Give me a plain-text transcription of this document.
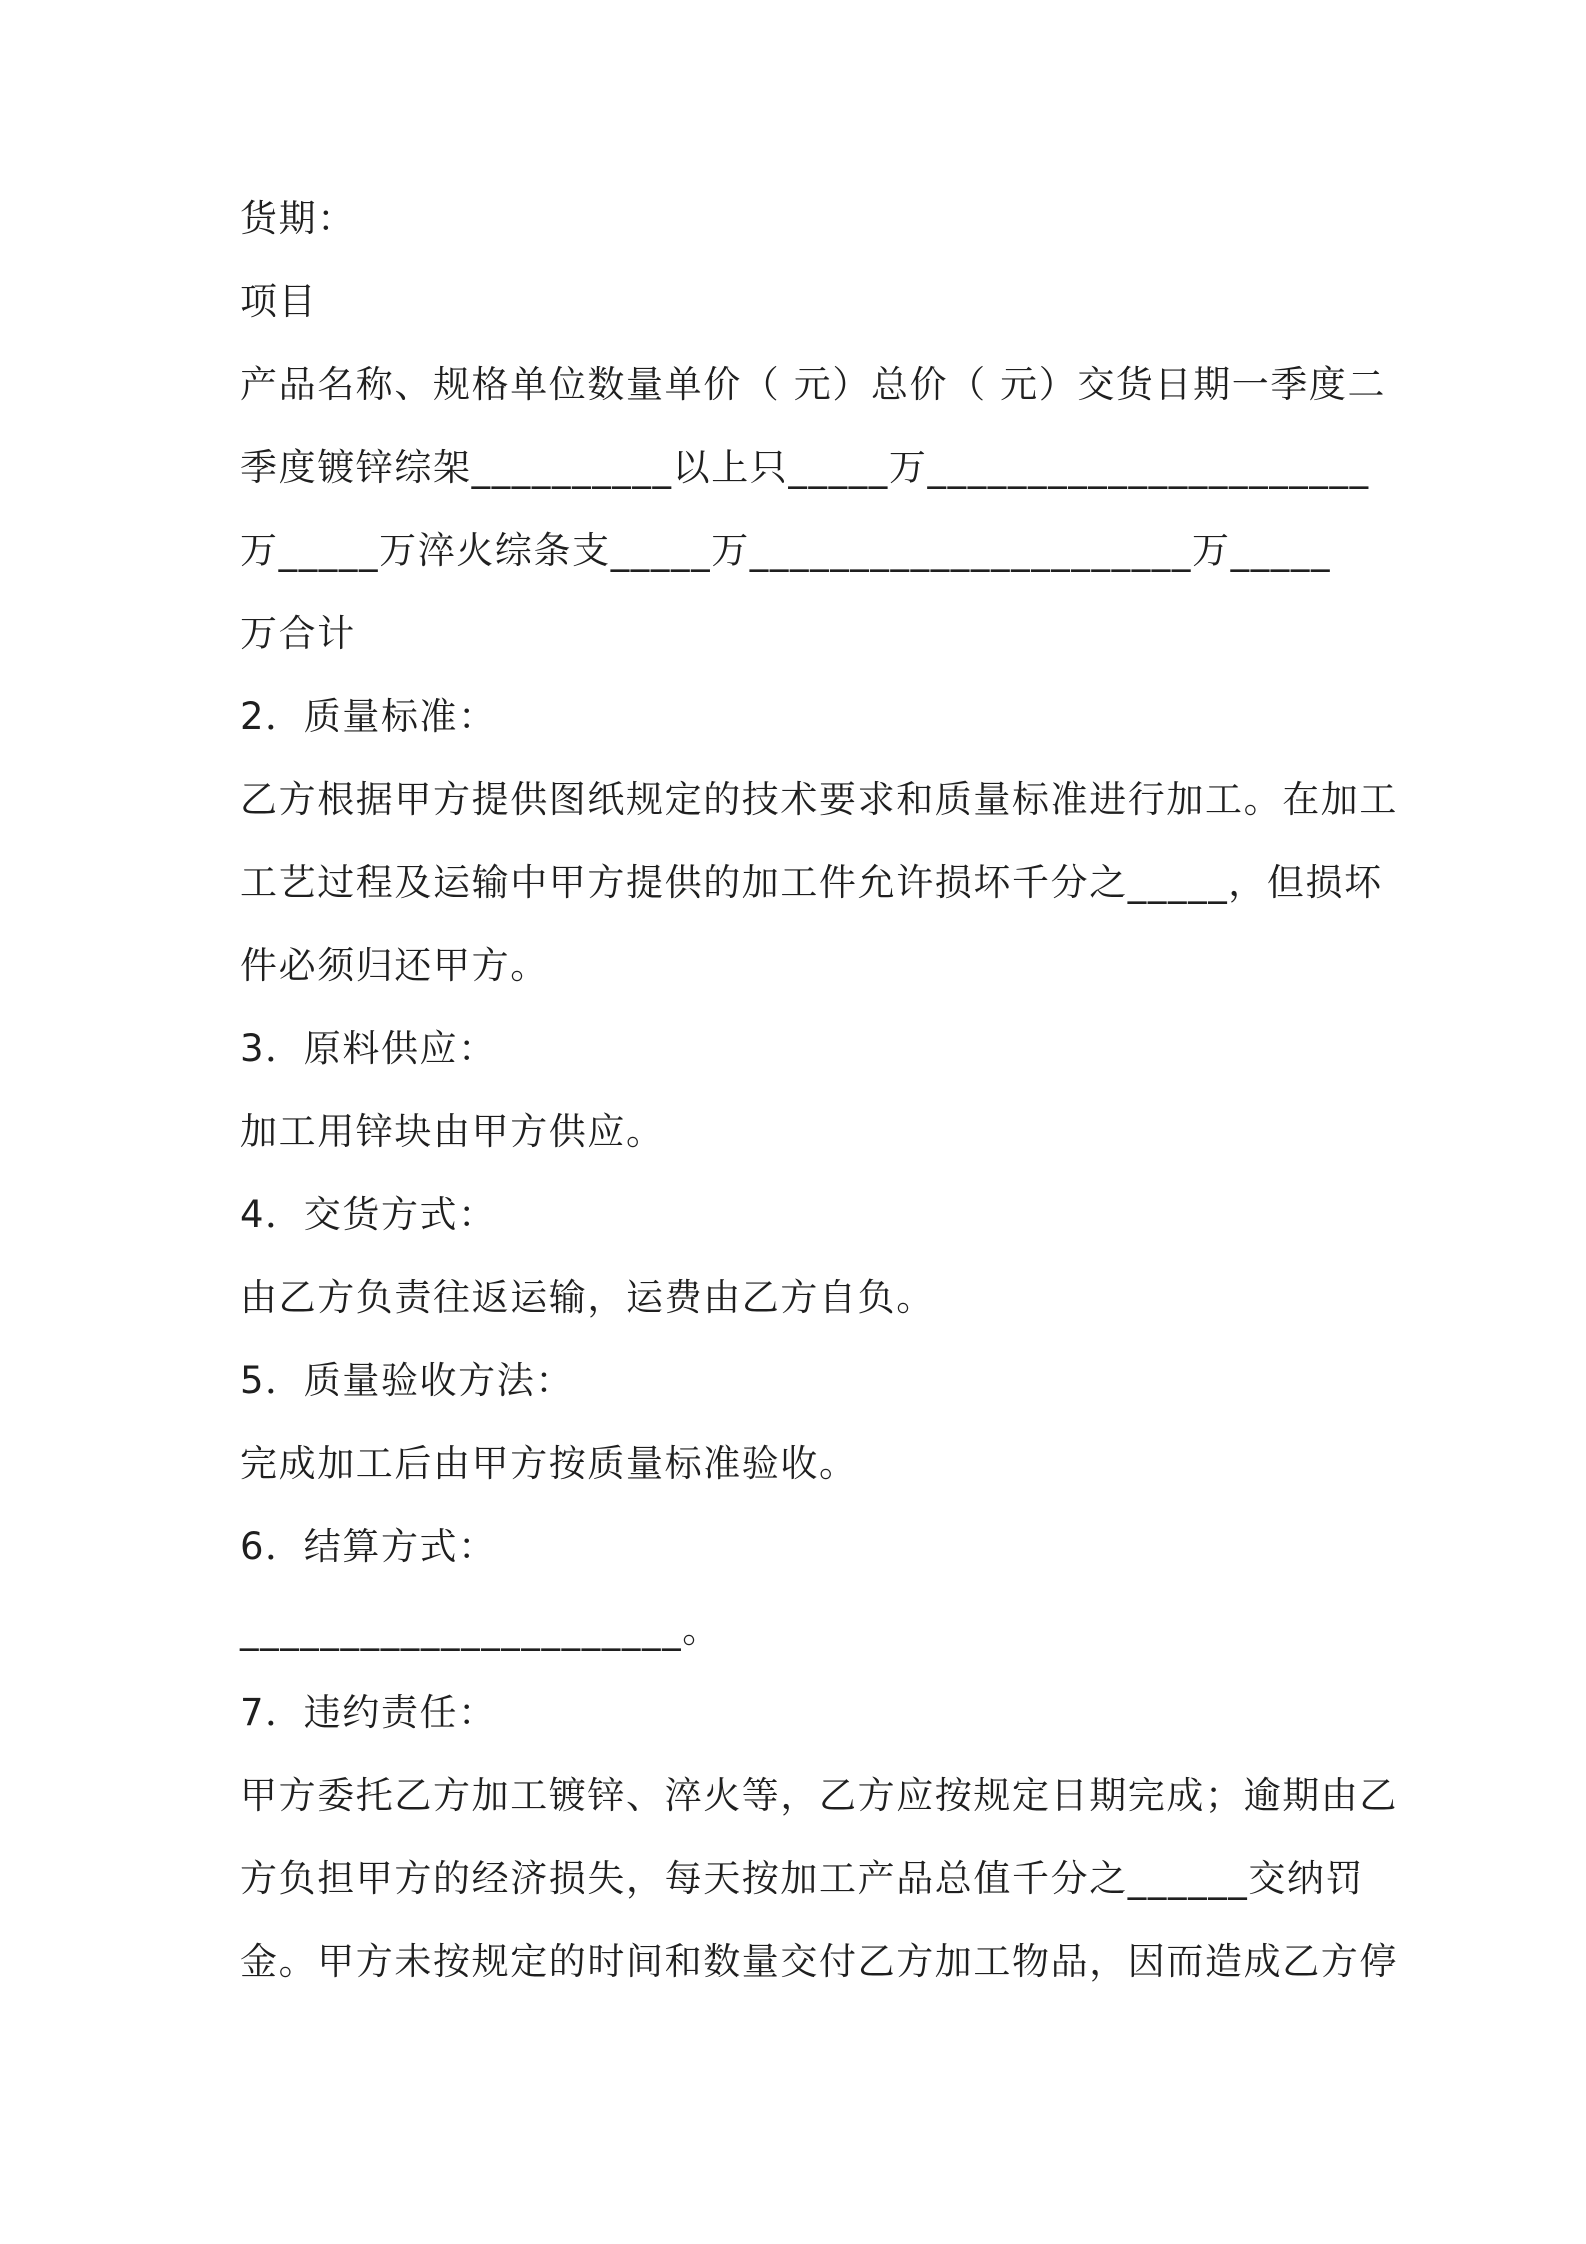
货期：
项目
产品名称、规格单位数量单价（ 元）总价（ 元）交货日期一季度二
季度镀锌综架__________以上只_____万______________________
万_____万淬火综条支_____万______________________万_____
万合计
2．质量标准：
乙方根据甲方提供图纸规定的技术要求和质量标准进行加工。在加工
工艺过程及运输中甲方提供的加工件允许损坏千分之_____，但损坏
件必须归还甲方。
3．原料供应：
加工用锌块由甲方供应。
4．交货方式：
由乙方负责往返运输，运费由乙方自负。
5．质量验收方法：
完成加工后由甲方按质量标准验收。
6．结算方式：
______________________。
7．违约责任：
甲方委托乙方加工镀锌、淬火等，乙方应按规定日期完成；逾期由乙
方负担甲方的经济损失，每天按加工产品总值千分之______交纳罚
金。甲方未按规定的时间和数量交付乙方加工物品，因而造成乙方停
